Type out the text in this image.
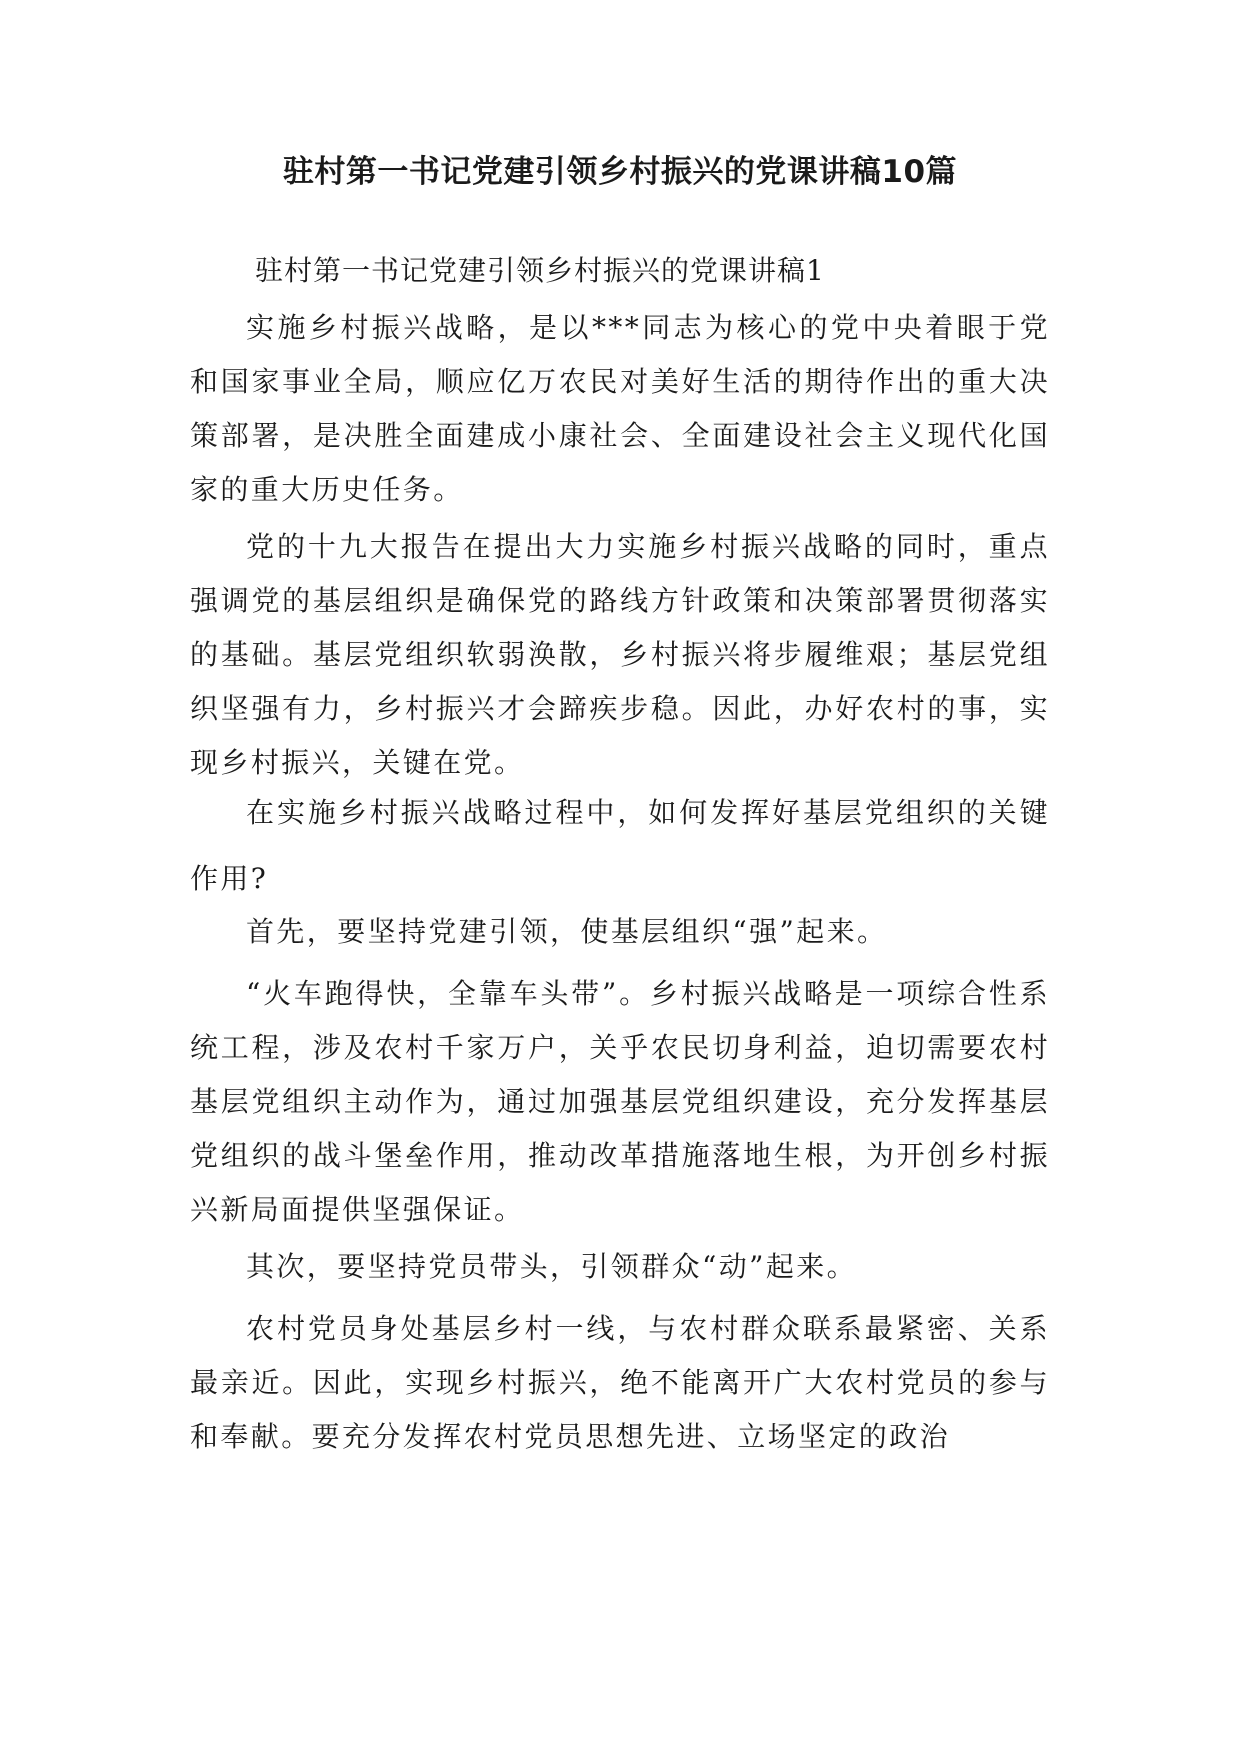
驻村第一书记党建引领乡村振兴的党课讲稿10篇
驻村第一书记党建引领乡村振兴的党课讲稿1

实施乡村振兴战略，是以***同志为核心的党中央着眼于党和国家事业全局，顺应亿万农民对美好生活的期待作出的重大决策部署，是决胜全面建成小康社会、全面建设社会主义现代化国家的重大历史任务。

党的十九大报告在提出大力实施乡村振兴战略的同时，重点强调党的基层组织是确保党的路线方针政策和决策部署贯彻落实的基础。基层党组织软弱涣散，乡村振兴将步履维艰；基层党组织坚强有力，乡村振兴才会蹄疾步稳。因此，办好农村的事，实现乡村振兴，关键在党。

在实施乡村振兴战略过程中，如何发挥好基层党组织的关键作用?

首先，要坚持党建引领，使基层组织“强”起来。

“火车跑得快，全靠车头带”。乡村振兴战略是一项综合性系统工程，涉及农村千家万户，关乎农民切身利益，迫切需要农村基层党组织主动作为，通过加强基层党组织建设，充分发挥基层党组织的战斗堡垒作用，推动改革措施落地生根，为开创乡村振兴新局面提供坚强保证。

其次，要坚持党员带头，引领群众“动”起来。

农村党员身处基层乡村一线，与农村群众联系最紧密、关系最亲近。因此，实现乡村振兴，绝不能离开广大农村党员的参与和奉献。要充分发挥农村党员思想先进、立场坚定的政治
